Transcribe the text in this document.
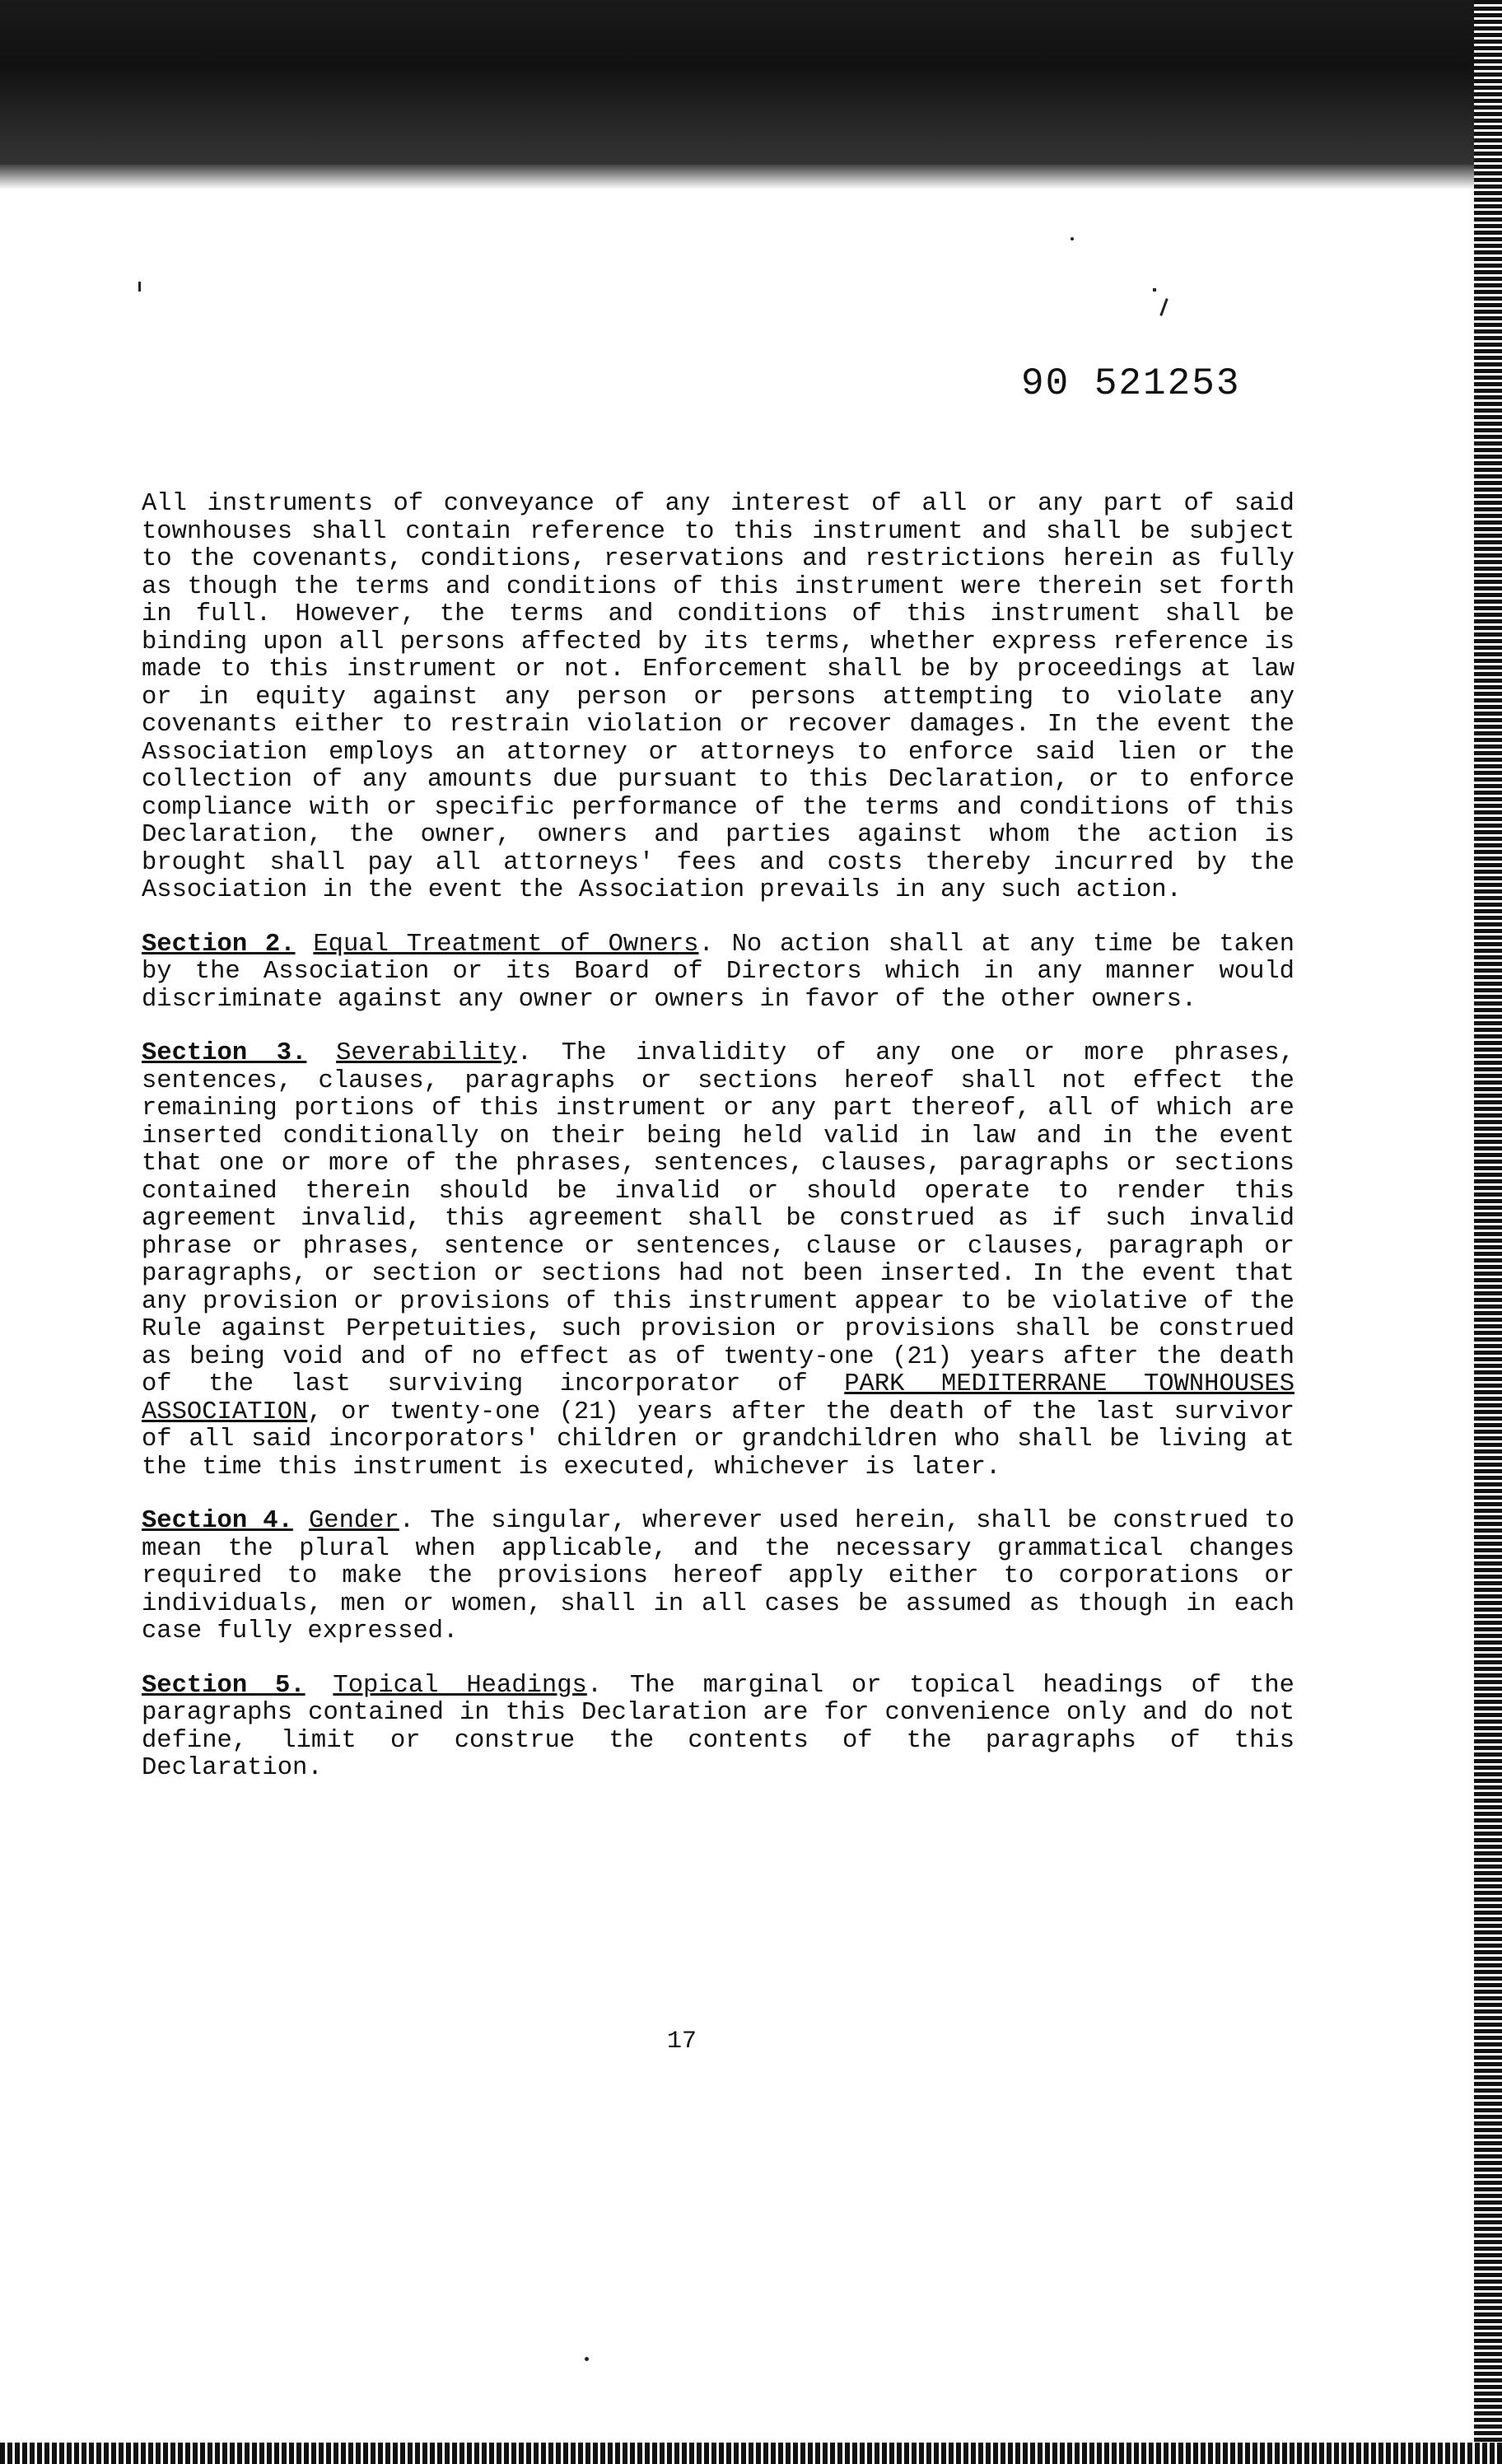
90 521253

All instruments of conveyance of any interest of all or any part of said townhouses shall contain reference to this instrument and shall be subject to the covenants, conditions, reservations and restrictions herein as fully as though the terms and conditions of this instrument were therein set forth in full. However, the terms and conditions of this instrument shall be binding upon all persons affected by its terms, whether express reference is made to this instrument or not. Enforcement shall be by proceedings at law or in equity against any person or persons attempting to violate any covenants either to restrain violation or recover damages. In the event the Association employs an attorney or attorneys to enforce said lien or the collection of any amounts due pursuant to this Declaration, or to enforce compliance with or specific performance of the terms and conditions of this Declaration, the owner, owners and parties against whom the action is brought shall pay all attorneys' fees and costs thereby incurred by the Association in the event the Association prevails in any such action.

Section 2. Equal Treatment of Owners. No action shall at any time be taken by the Association or its Board of Directors which in any manner would discriminate against any owner or owners in favor of the other owners.

Section 3. Severability. The invalidity of any one or more phrases, sentences, clauses, paragraphs or sections hereof shall not effect the remaining portions of this instrument or any part thereof, all of which are inserted conditionally on their being held valid in law and in the event that one or more of the phrases, sentences, clauses, paragraphs or sections contained therein should be invalid or should operate to render this agreement invalid, this agreement shall be construed as if such invalid phrase or phrases, sentence or sentences, clause or clauses, paragraph or paragraphs, or section or sections had not been inserted. In the event that any provision or provisions of this instrument appear to be violative of the Rule against Perpetuities, such provision or provisions shall be construed as being void and of no effect as of twenty-one (21) years after the death of the last surviving incorporator of PARK MEDITERRANE TOWNHOUSES ASSOCIATION, or twenty-one (21) years after the death of the last survivor of all said incorporators' children or grandchildren who shall be living at the time this instrument is executed, whichever is later.

Section 4. Gender. The singular, wherever used herein, shall be construed to mean the plural when applicable, and the necessary grammatical changes required to make the provisions hereof apply either to corporations or individuals, men or women, shall in all cases be assumed as though in each case fully expressed.

Section 5. Topical Headings. The marginal or topical headings of the paragraphs contained in this Declaration are for convenience only and do not define, limit or construe the contents of the paragraphs of this Declaration.

17
